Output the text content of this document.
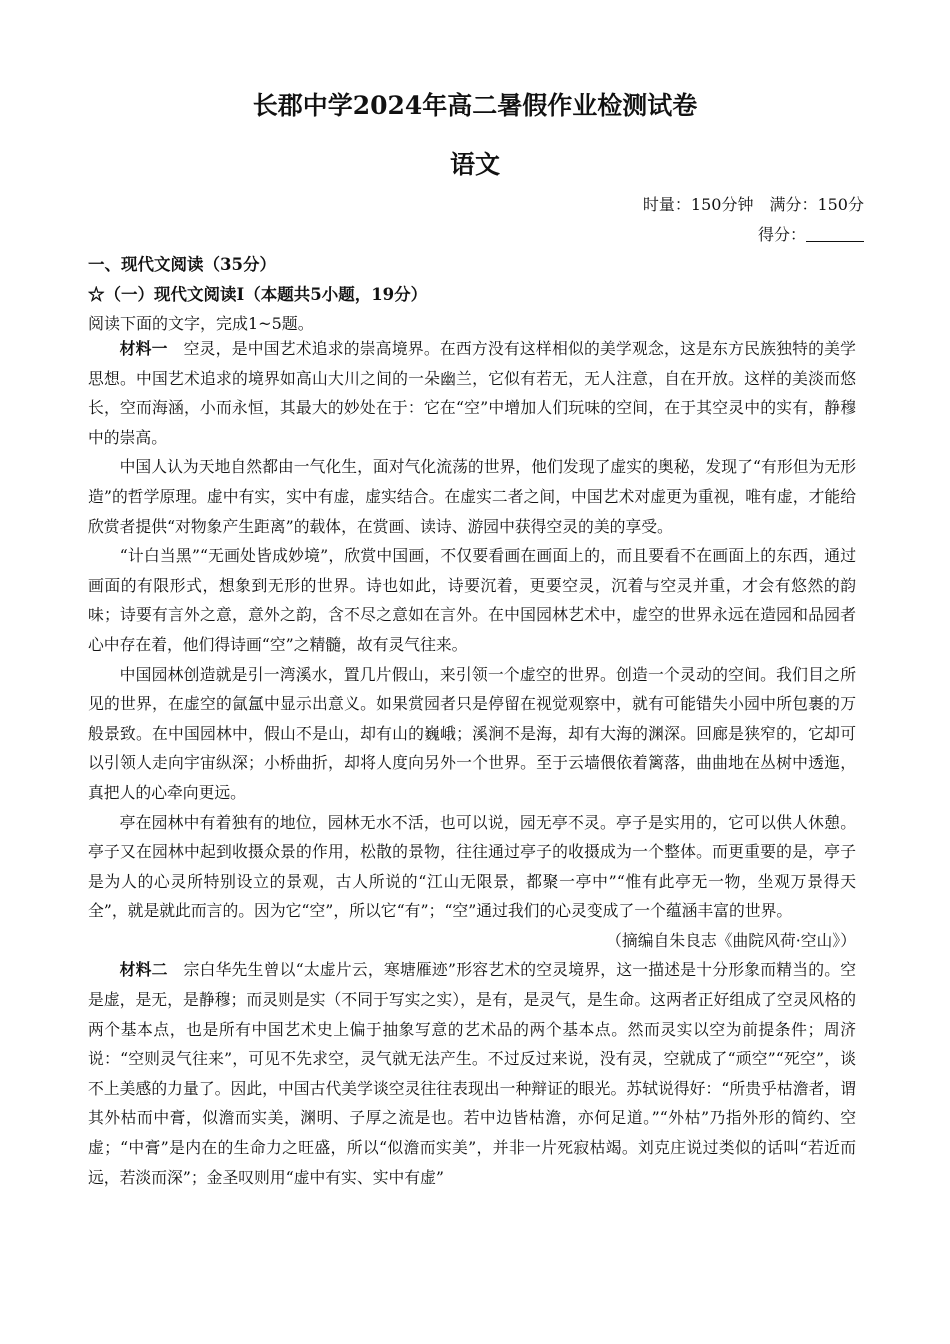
长郡中学2024年高二暑假作业检测试卷
语文
时量：150分钟　满分：150分
得分：
一、现代文阅读（35分）
☆（一）现代文阅读Ⅰ（本题共5小题，19分）
阅读下面的文字，完成1~5题。

材料一　 空灵，是中国艺术追求的崇高境界。在西方没有这样相似的美学观念，这是东方民族独特的美学思想。中国艺术追求的境界如高山大川之间的一朵幽兰，它似有若无，无人注意，自在开放。这样的美淡而悠长，空而海涵，小而永恒，其最大的妙处在于：它在“空”中增加人们玩味的空间，在于其空灵中的实有，静穆中的崇高。

中国人认为天地自然都由一气化生，面对气化流荡的世界，他们发现了虚实的奥秘，发现了“有形但为无形造”的哲学原理。虚中有实，实中有虚，虚实结合。在虚实二者之间，中国艺术对虚更为重视，唯有虚，才能给欣赏者提供“对物象产生距离”的载体，在赏画、读诗、游园中获得空灵的美的享受。

“计白当黑”“无画处皆成妙境”，欣赏中国画，不仅要看画在画面上的，而且要看不在画面上的东西，通过画面的有限形式，想象到无形的世界。诗也如此，诗要沉着，更要空灵，沉着与空灵并重，才会有悠然的韵味；诗要有言外之意，意外之韵，含不尽之意如在言外。在中国园林艺术中，虚空的世界永远在造园和品园者心中存在着，他们得诗画“空”之精髓，故有灵气往来。

中国园林创造就是引一湾溪水，置几片假山，来引领一个虚空的世界。创造一个灵动的空间。我们目之所见的世界，在虚空的氤氲中显示出意义。如果赏园者只是停留在视觉观察中，就有可能错失小园中所包裹的万般景致。在中国园林中，假山不是山，却有山的巍峨；溪涧不是海，却有大海的渊深。回廊是狭窄的，它却可以引领人走向宇宙纵深；小桥曲折，却将人度向另外一个世界。至于云墙偎依着篱落，曲曲地在丛树中透迤，真把人的心牵向更远。

亭在园林中有着独有的地位，园林无水不活，也可以说，园无亭不灵。亭子是实用的，它可以供人休憩。亭子又在园林中起到收摄众景的作用，松散的景物，往往通过亭子的收摄成为一个整体。而更重要的是，亭子是为人的心灵所特别设立的景观，古人所说的“江山无限景，都聚一亭中”“惟有此亭无一物，坐观万景得天全”，就是就此而言的。因为它“空”，所以它“有”；“空”通过我们的心灵变成了一个蕴涵丰富的世界。

（摘编自朱良志《曲院风荷·空山》）

材料二　 宗白华先生曾以“太虚片云，寒塘雁迹”形容艺术的空灵境界，这一描述是十分形象而精当的。空是虚，是无，是静穆；而灵则是实（不同于写实之实），是有，是灵气，是生命。这两者正好组成了空灵风格的两个基本点，也是所有中国艺术史上偏于抽象写意的艺术品的两个基本点。然而灵实以空为前提条件；周济说：“空则灵气往来”，可见不先求空，灵气就无法产生。不过反过来说，没有灵，空就成了“顽空”“死空”，谈不上美感的力量了。因此，中国古代美学谈空灵往往表现出一种辩证的眼光。苏轼说得好：“所贵乎枯澹者，谓其外枯而中膏，似澹而实美，渊明、子厚之流是也。若中边皆枯澹，亦何足道。”“外枯”乃指外形的简约、空虚；“中膏”是内在的生命力之旺盛，所以“似澹而实美”，并非一片死寂枯竭。刘克庄说过类似的话叫“若近而远，若淡而深”；金圣叹则用“虚中有实、实中有虚”
